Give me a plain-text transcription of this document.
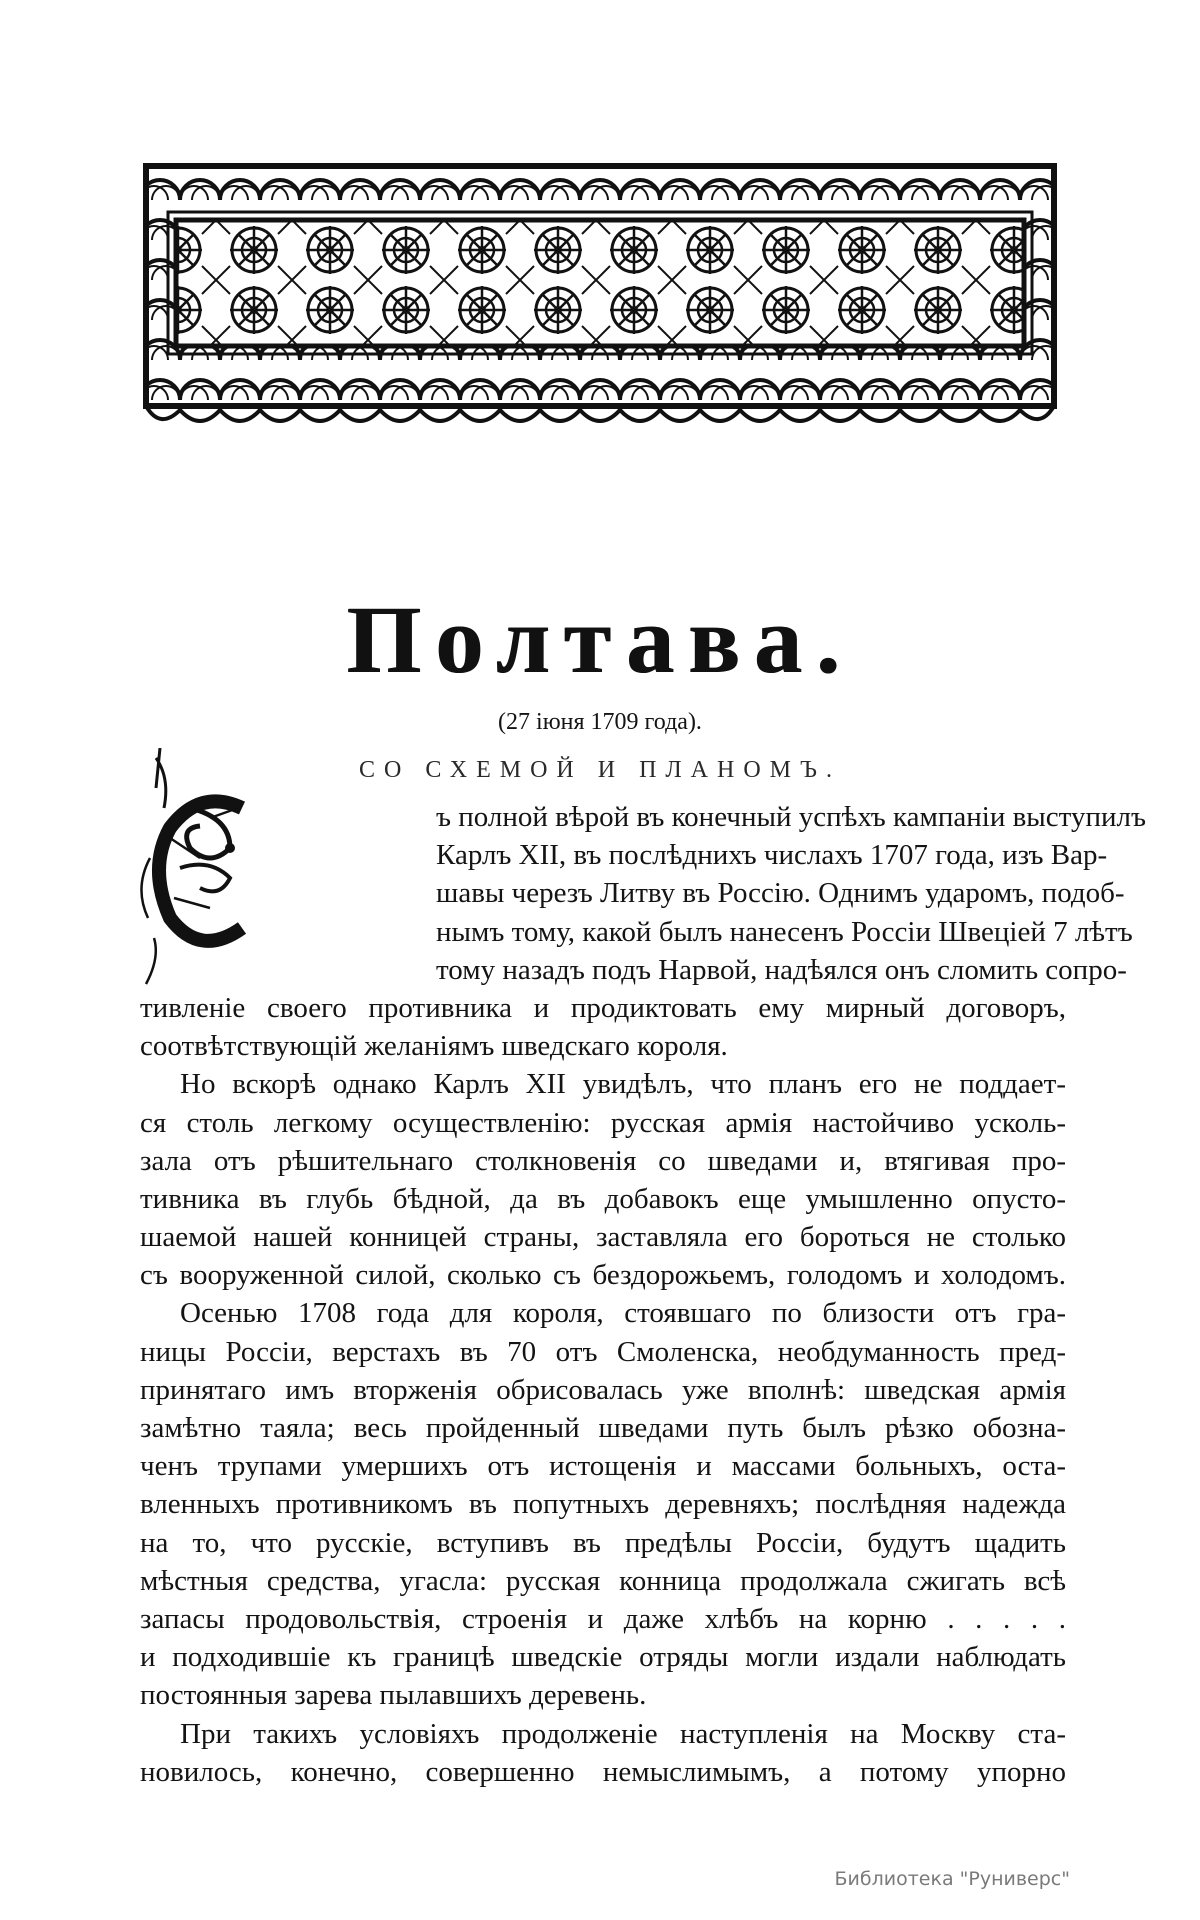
Полтава.
(27 іюня 1709 года).
СО СХЕМОЙ И ПЛАНОМЪ.

ъ полной вѣрой въ конечный успѣхъ кампаніи выступилъ
Карлъ XII, въ послѣднихъ числахъ 1707 года, изъ Вар-
шавы черезъ Литву въ Россію. Однимъ ударомъ, подоб-
нымъ тому, какой былъ нанесенъ Россіи Швеціей 7 лѣтъ
тому назадъ подъ Нарвой, надѣялся онъ сломить сопро-
тивленіе своего противника и продиктовать ему мирный договоръ,
соотвѣтствующій желаніямъ шведскаго короля.

Но вскорѣ однако Карлъ XII увидѣлъ, что планъ его не поддает-
ся столь легкому осуществленію: русская армія настойчиво усколь-
зала отъ рѣшительнаго столкновенія со шведами и, втягивая про-
тивника въ глубь бѣдной, да въ добавокъ еще умышленно опусто-
шаемой нашей конницей страны, заставляла его бороться не столько
съ вооруженной силой, сколько съ бездорожьемъ, голодомъ и холодомъ.

Осенью 1708 года для короля, стоявшаго по близости отъ гра-
ницы Россіи, верстахъ въ 70 отъ Смоленска, необдуманность пред-
принятаго имъ вторженія обрисовалась уже вполнѣ: шведская армія
замѣтно таяла; весь пройденный шведами путь былъ рѣзко обозна-
ченъ трупами умершихъ отъ истощенія и массами больныхъ, оста-
вленныхъ противникомъ въ попутныхъ деревняхъ; послѣдняя надежда
на то, что русскіе, вступивъ въ предѣлы Россіи, будутъ щадить
мѣстныя средства, угасла: русская конница продолжала сжигать всѣ
запасы продовольствія, строенія и даже хлѣбъ на корню . . . . .
и подходившіе къ границѣ шведскіе отряды могли издали наблюдать
постоянныя зарева пылавшихъ деревень.

При такихъ условіяхъ продолженіе наступленія на Москву ста-
новилось, конечно, совершенно немыслимымъ, а потому упорно

Библиотека "Руниверс"
